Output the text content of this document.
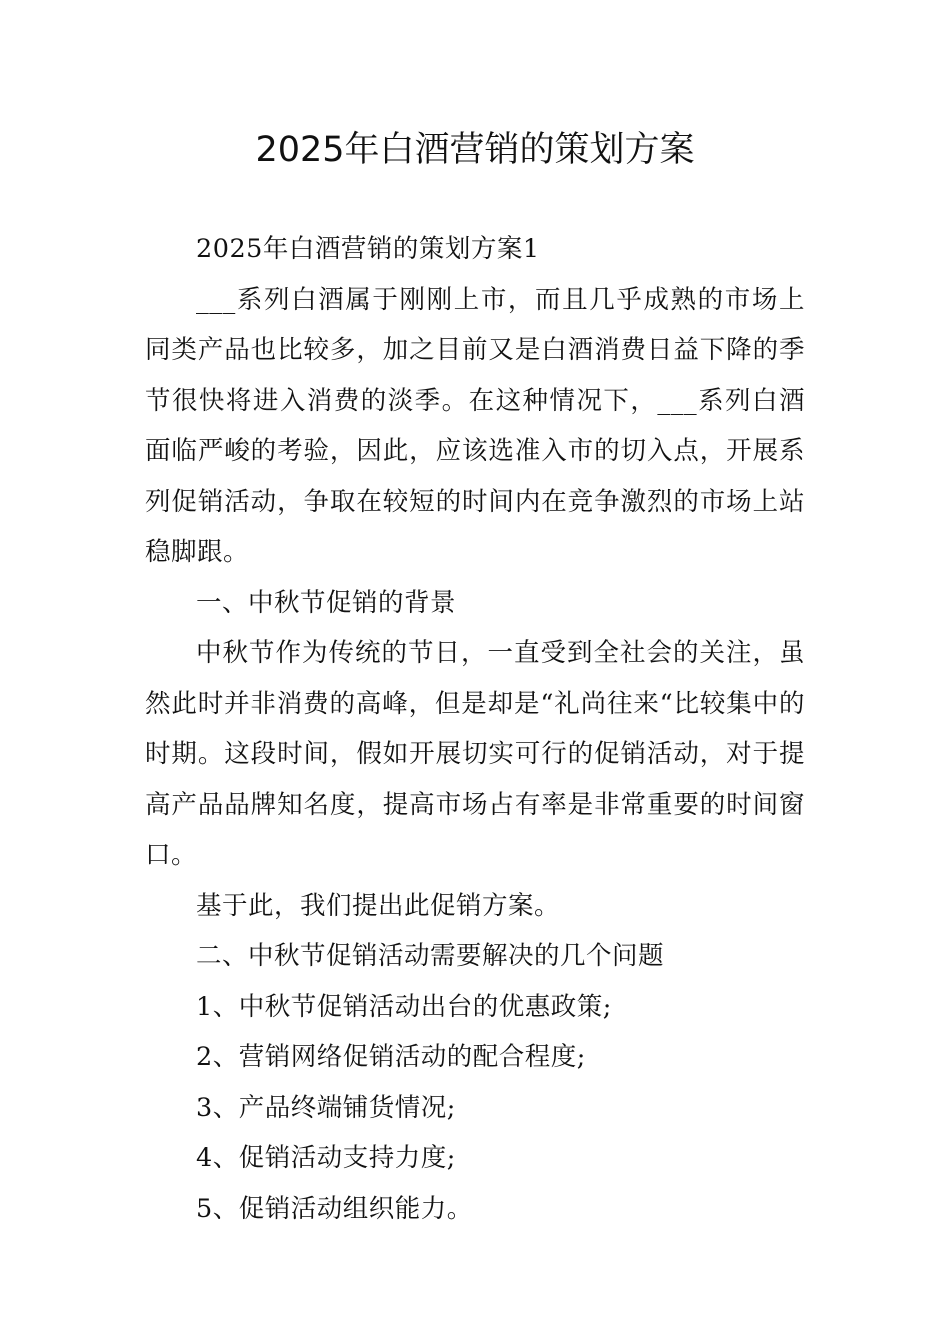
2025年白酒营销的策划方案

2025年白酒营销的策划方案1

___系列白酒属于刚刚上市，而且几乎成熟的市场上同类产品也比较多，加之目前又是白酒消费日益下降的季节很快将进入消费的淡季。在这种情况下，___系列白酒面临严峻的考验，因此，应该选准入市的切入点，开展系列促销活动，争取在较短的时间内在竞争激烈的市场上站稳脚跟。

一、中秋节促销的背景

中秋节作为传统的节日，一直受到全社会的关注，虽然此时并非消费的高峰，但是却是“礼尚往来“比较集中的时期。这段时间，假如开展切实可行的促销活动，对于提高产品品牌知名度，提高市场占有率是非常重要的时间窗口。

基于此，我们提出此促销方案。

二、中秋节促销活动需要解决的几个问题

1、中秋节促销活动出台的优惠政策;

2、营销网络促销活动的配合程度;

3、产品终端铺货情况;

4、促销活动支持力度;

5、促销活动组织能力。
